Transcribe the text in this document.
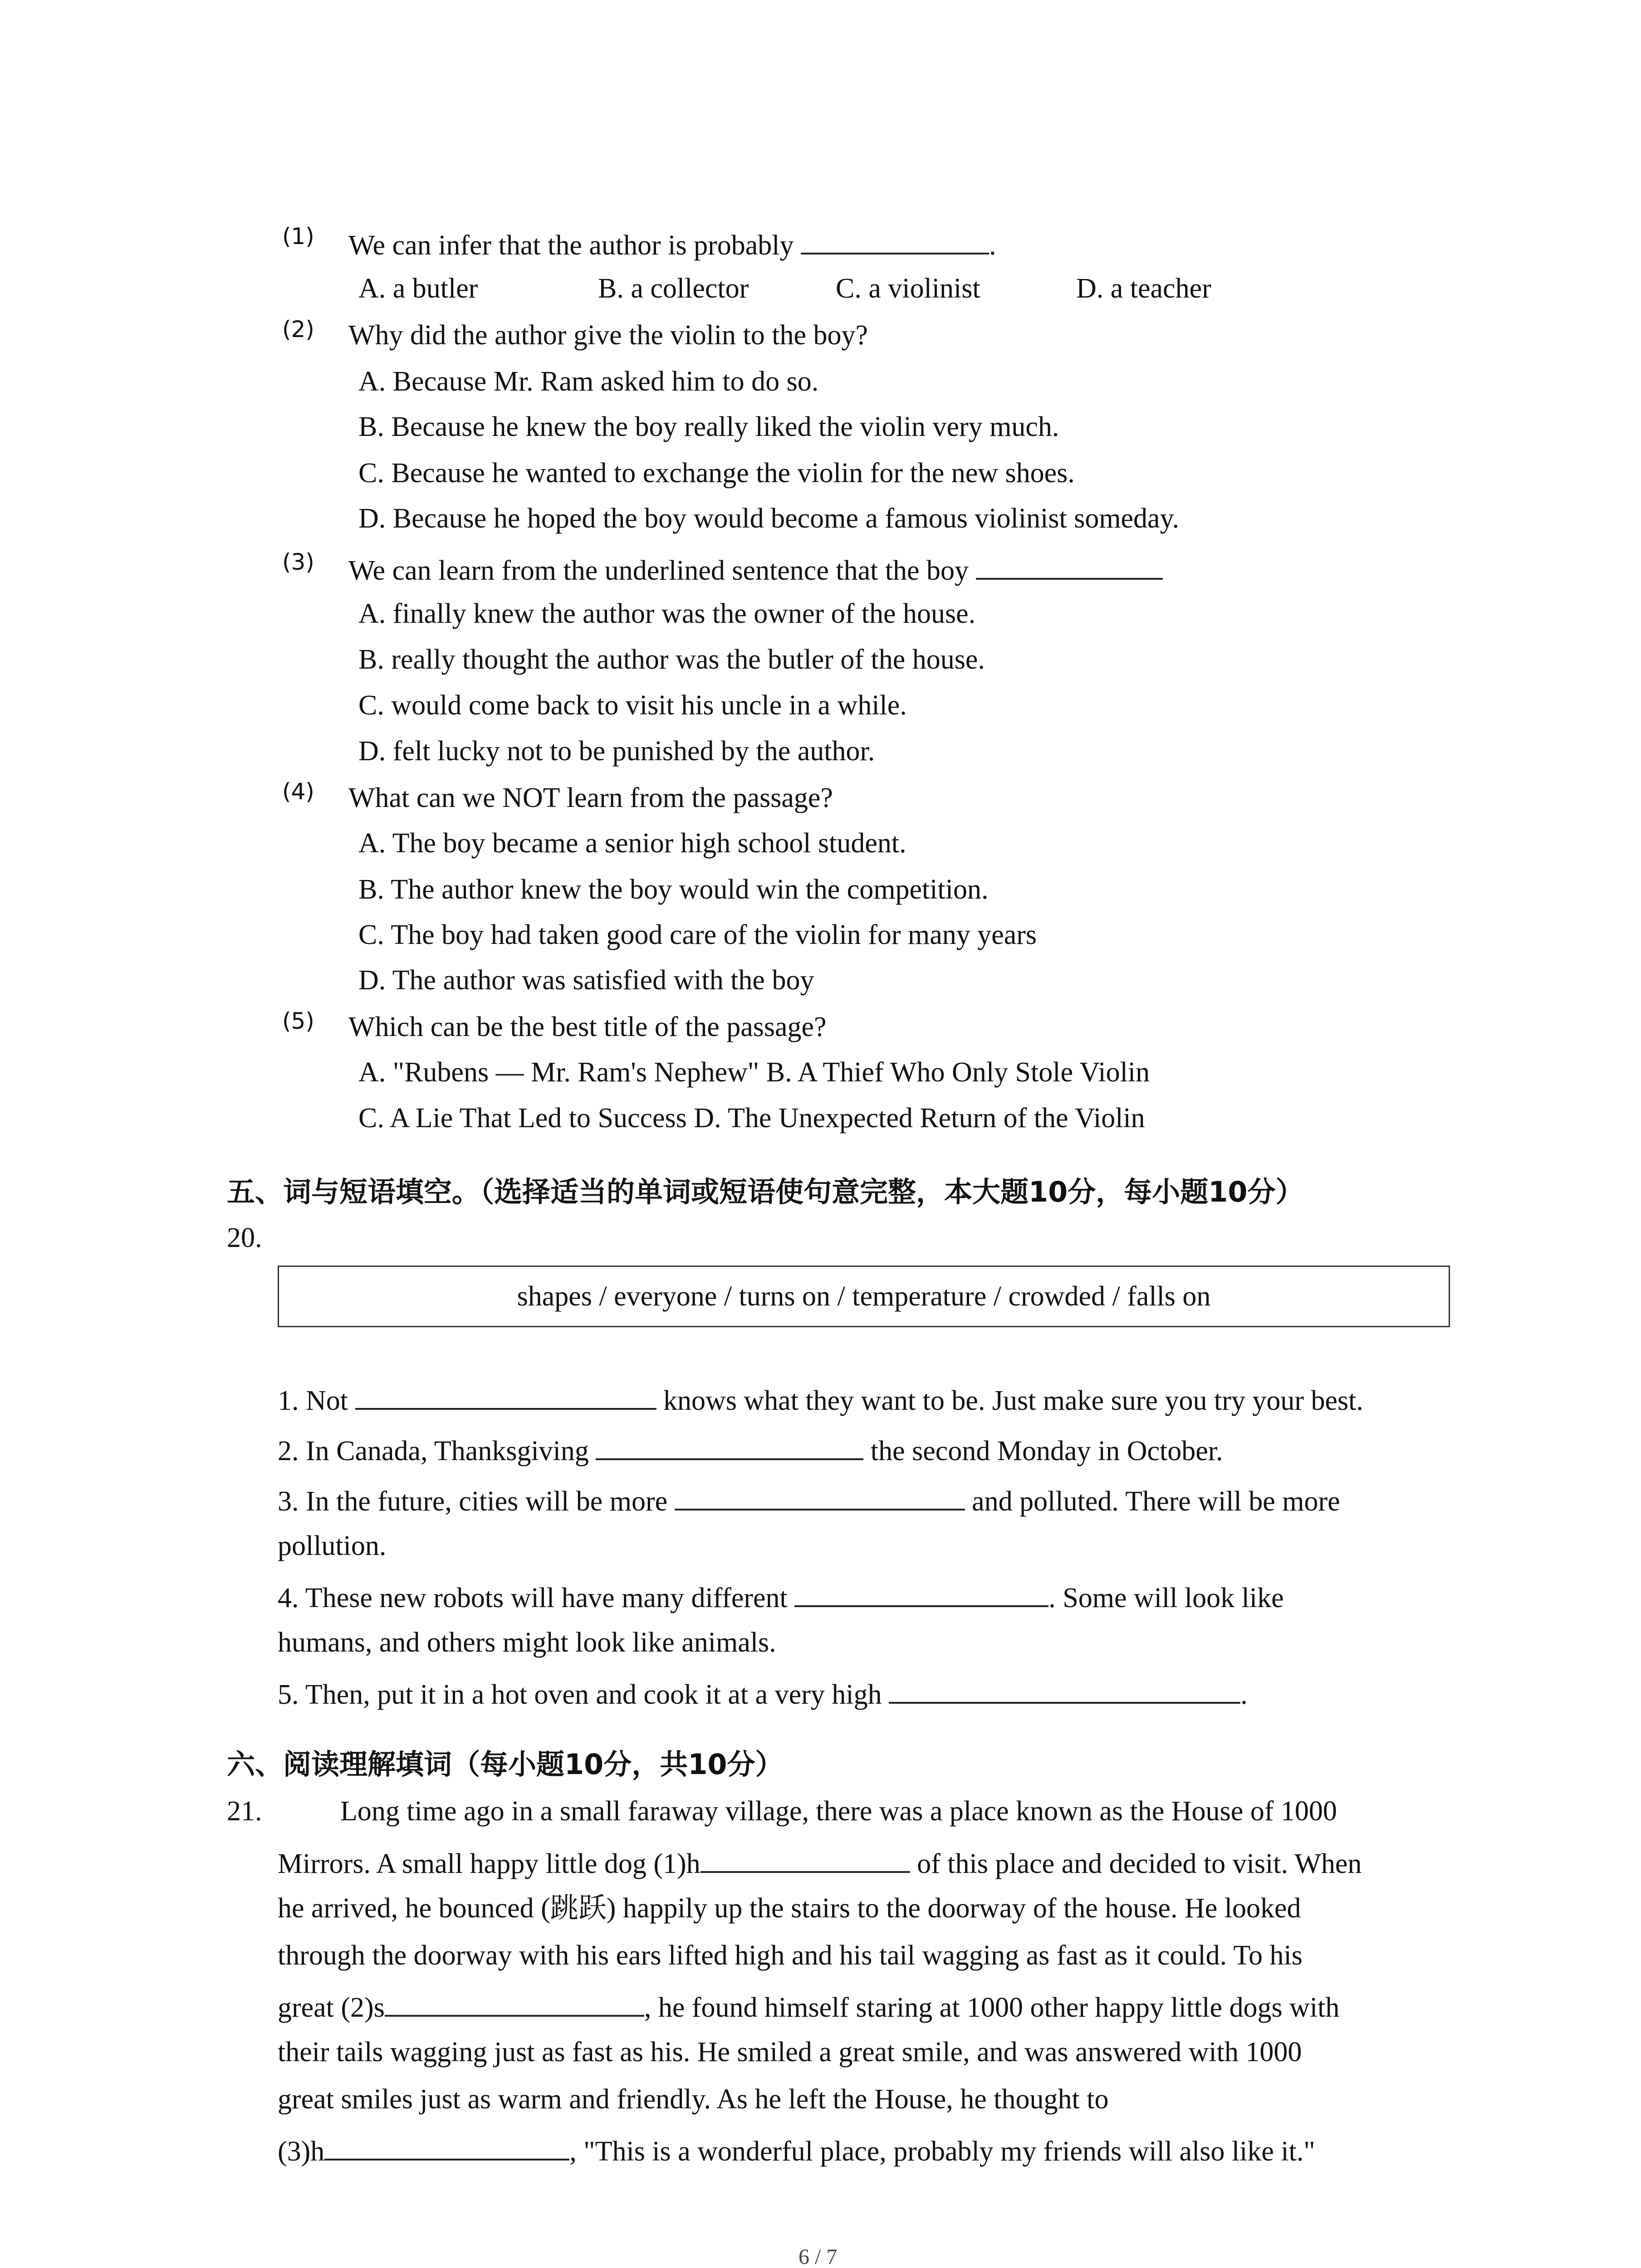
(1) We can infer that the author is probably	.
A. a butler	B. a collector	C. a violinist	D. a teacher
(2) Why did the author give the violin to the boy?
A. Because Mr. Ram asked him to do so.
B. Because he knew the boy really liked the violin very much.
C. Because he wanted to exchange the violin for the new shoes.
D. Because he hoped the boy would become a famous violinist someday.
(3) We can learn from the underlined sentence that the boy
A. finally knew the author was the owner of the house.
B. really thought the author was the butler of the house.
C. would come back to visit his uncle in a while.
D. felt lucky not to be punished by the author.
(4) What can we NOT learn from the passage?
A. The boy became a senior high school student.
B. The author knew the boy would win the competition.
C. The boy had taken good care of the violin for many years
D. The author was satisfied with the boy
(5) Which can be the best title of the passage?
A. "Rubens — Mr. Ram's Nephew" B. A Thief Who Only Stole Violin
C. A Lie That Led to Success D. The Unexpected Return of the Violin
五、词与短语填空。（选择适当的单词或短语使句意完整，本大题10分，每小题10分）
20.
shapes / everyone / turns on / temperature / crowded / falls on
1. Not	knows what they want to be. Just make sure you try your best.
2. In Canada, Thanksgiving	the second Monday in October.
3. In the future, cities will be more	and polluted. There will be more
pollution.
4. These new robots will have many different	. Some will look like
humans, and others might look like animals.
5. Then, put it in a hot oven and cook it at a very high	.
六、阅读理解填词（每小题10分，共10分）
21.	Long time ago in a small faraway village, there was a place known as the House of 1000
Mirrors. A small happy little dog (1)h	of this place and decided to visit. When
he arrived, he bounced (跳跃) happily up the stairs to the doorway of the house. He looked
through the doorway with his ears lifted high and his tail wagging as fast as it could. To his
great (2)s	, he found himself staring at 1000 other happy little dogs with
their tails wagging just as fast as his. He smiled a great smile, and was answered with 1000
great smiles just as warm and friendly. As he left the House, he thought to
(3)h	, "This is a wonderful place, probably my friends will also like it."
6 / 7
